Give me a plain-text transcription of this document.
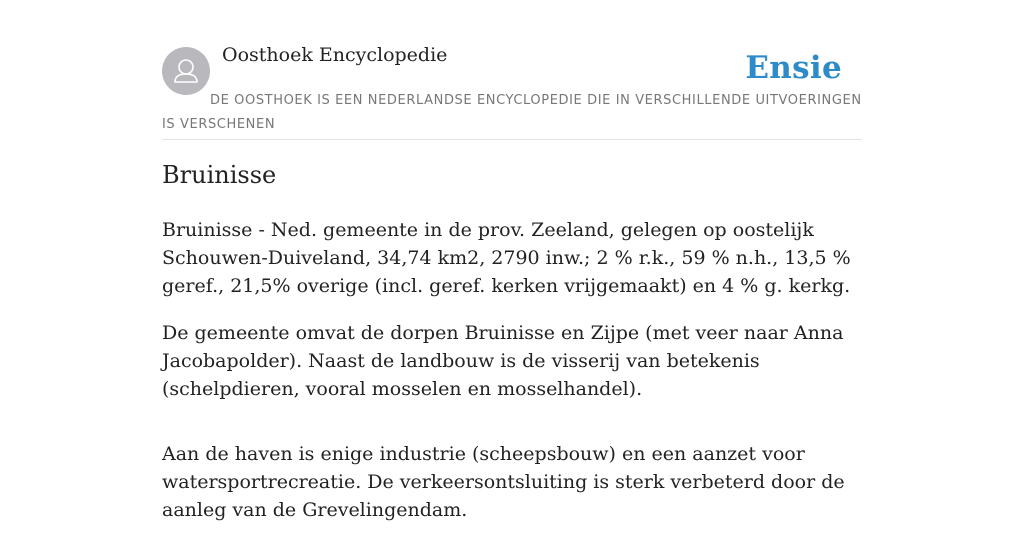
Oosthoek Encyclopedie	Ensie
DE OOSTHOEK IS EEN NEDERLANDSE ENCYCLOPEDIE DIE IN VERSCHILLENDE UITVOERINGEN IS VERSCHENEN
Bruinisse

Bruinisse - Ned. gemeente in de prov. Zeeland, gelegen op oostelijk Schouwen-Duiveland, 34,74 km2, 2790 inw.; 2 % r.k., 59 % n.h., 13,5 % geref., 21,5% overige (incl. geref. kerken vrijgemaakt) en 4 % g. kerkg.

De gemeente omvat de dorpen Bruinisse en Zijpe (met veer naar Anna Jacobapolder). Naast de landbouw is de visserij van betekenis (schelpdieren, vooral mosselen en mosselhandel).

Aan de haven is enige industrie (scheepsbouw) en een aanzet voor watersportrecreatie. De verkeersontsluiting is sterk verbeterd door de aanleg van de Grevelingendam.
